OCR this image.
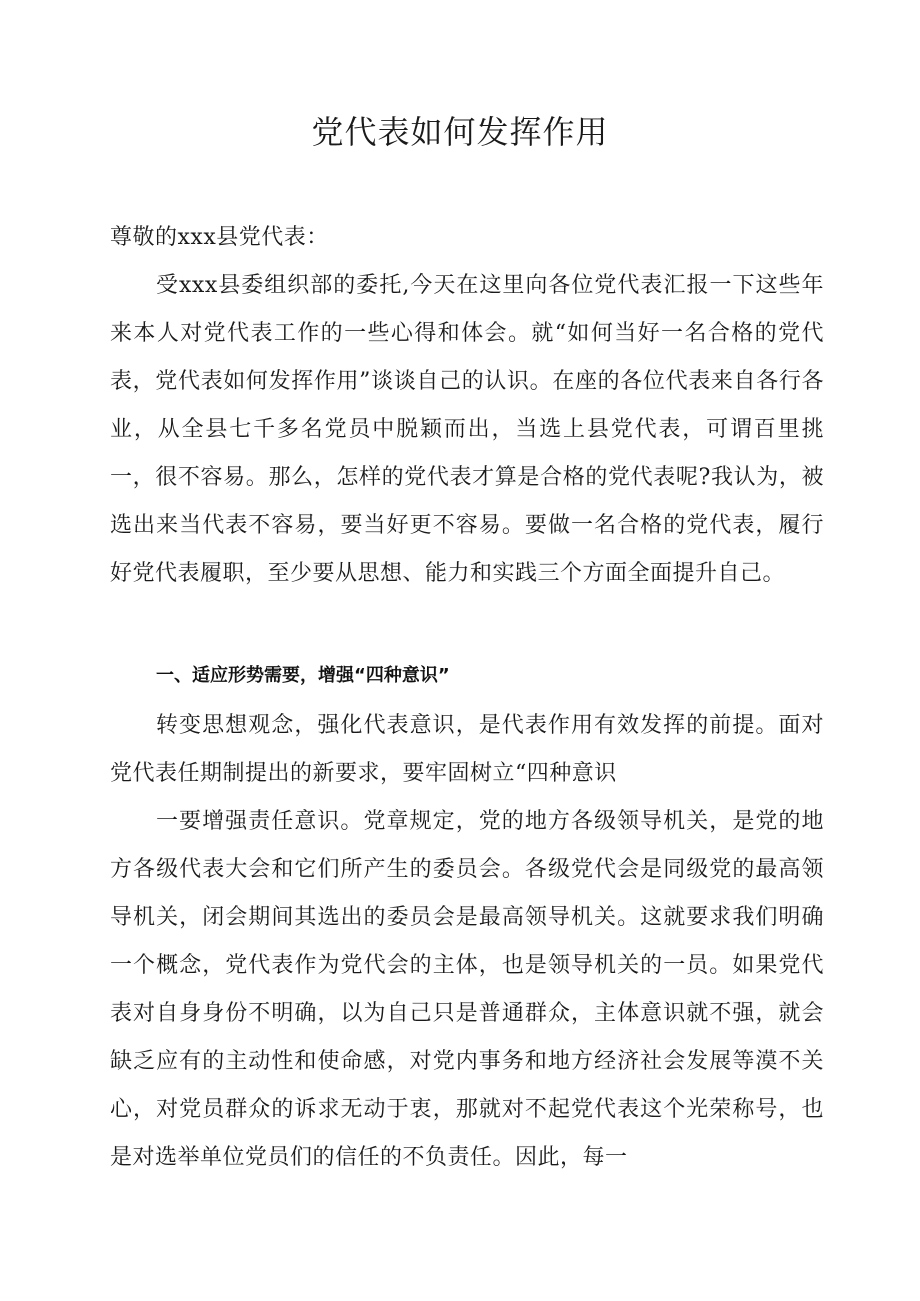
党代表如何发挥作用

尊敬的xxx县党代表：

受xxx县委组织部的委托,今天在这里向各位党代表汇报一下这些年来本人对党代表工作的一些心得和体会。就“如何当好一名合格的党代表，党代表如何发挥作用”谈谈自己的认识。在座的各位代表来自各行各业，从全县七千多名党员中脱颖而出，当选上县党代表，可谓百里挑一，很不容易。那么，怎样的党代表才算是合格的党代表呢?我认为，被选出来当代表不容易，要当好更不容易。要做一名合格的党代表，履行好党代表履职，至少要从思想、能力和实践三个方面全面提升自己。

一、适应形势需要，增强“四种意识”

转变思想观念，强化代表意识，是代表作用有效发挥的前提。面对党代表任期制提出的新要求，要牢固树立“四种意识

一要增强责任意识。党章规定，党的地方各级领导机关，是党的地方各级代表大会和它们所产生的委员会。各级党代会是同级党的最高领导机关，闭会期间其选出的委员会是最高领导机关。这就要求我们明确一个概念，党代表作为党代会的主体，也是领导机关的一员。如果党代表对自身身份不明确，以为自己只是普通群众，主体意识就不强，就会缺乏应有的主动性和使命感，对党内事务和地方经济社会发展等漠不关心，对党员群众的诉求无动于衷，那就对不起党代表这个光荣称号，也是对选举单位党员们的信任的不负责任。因此，每一
